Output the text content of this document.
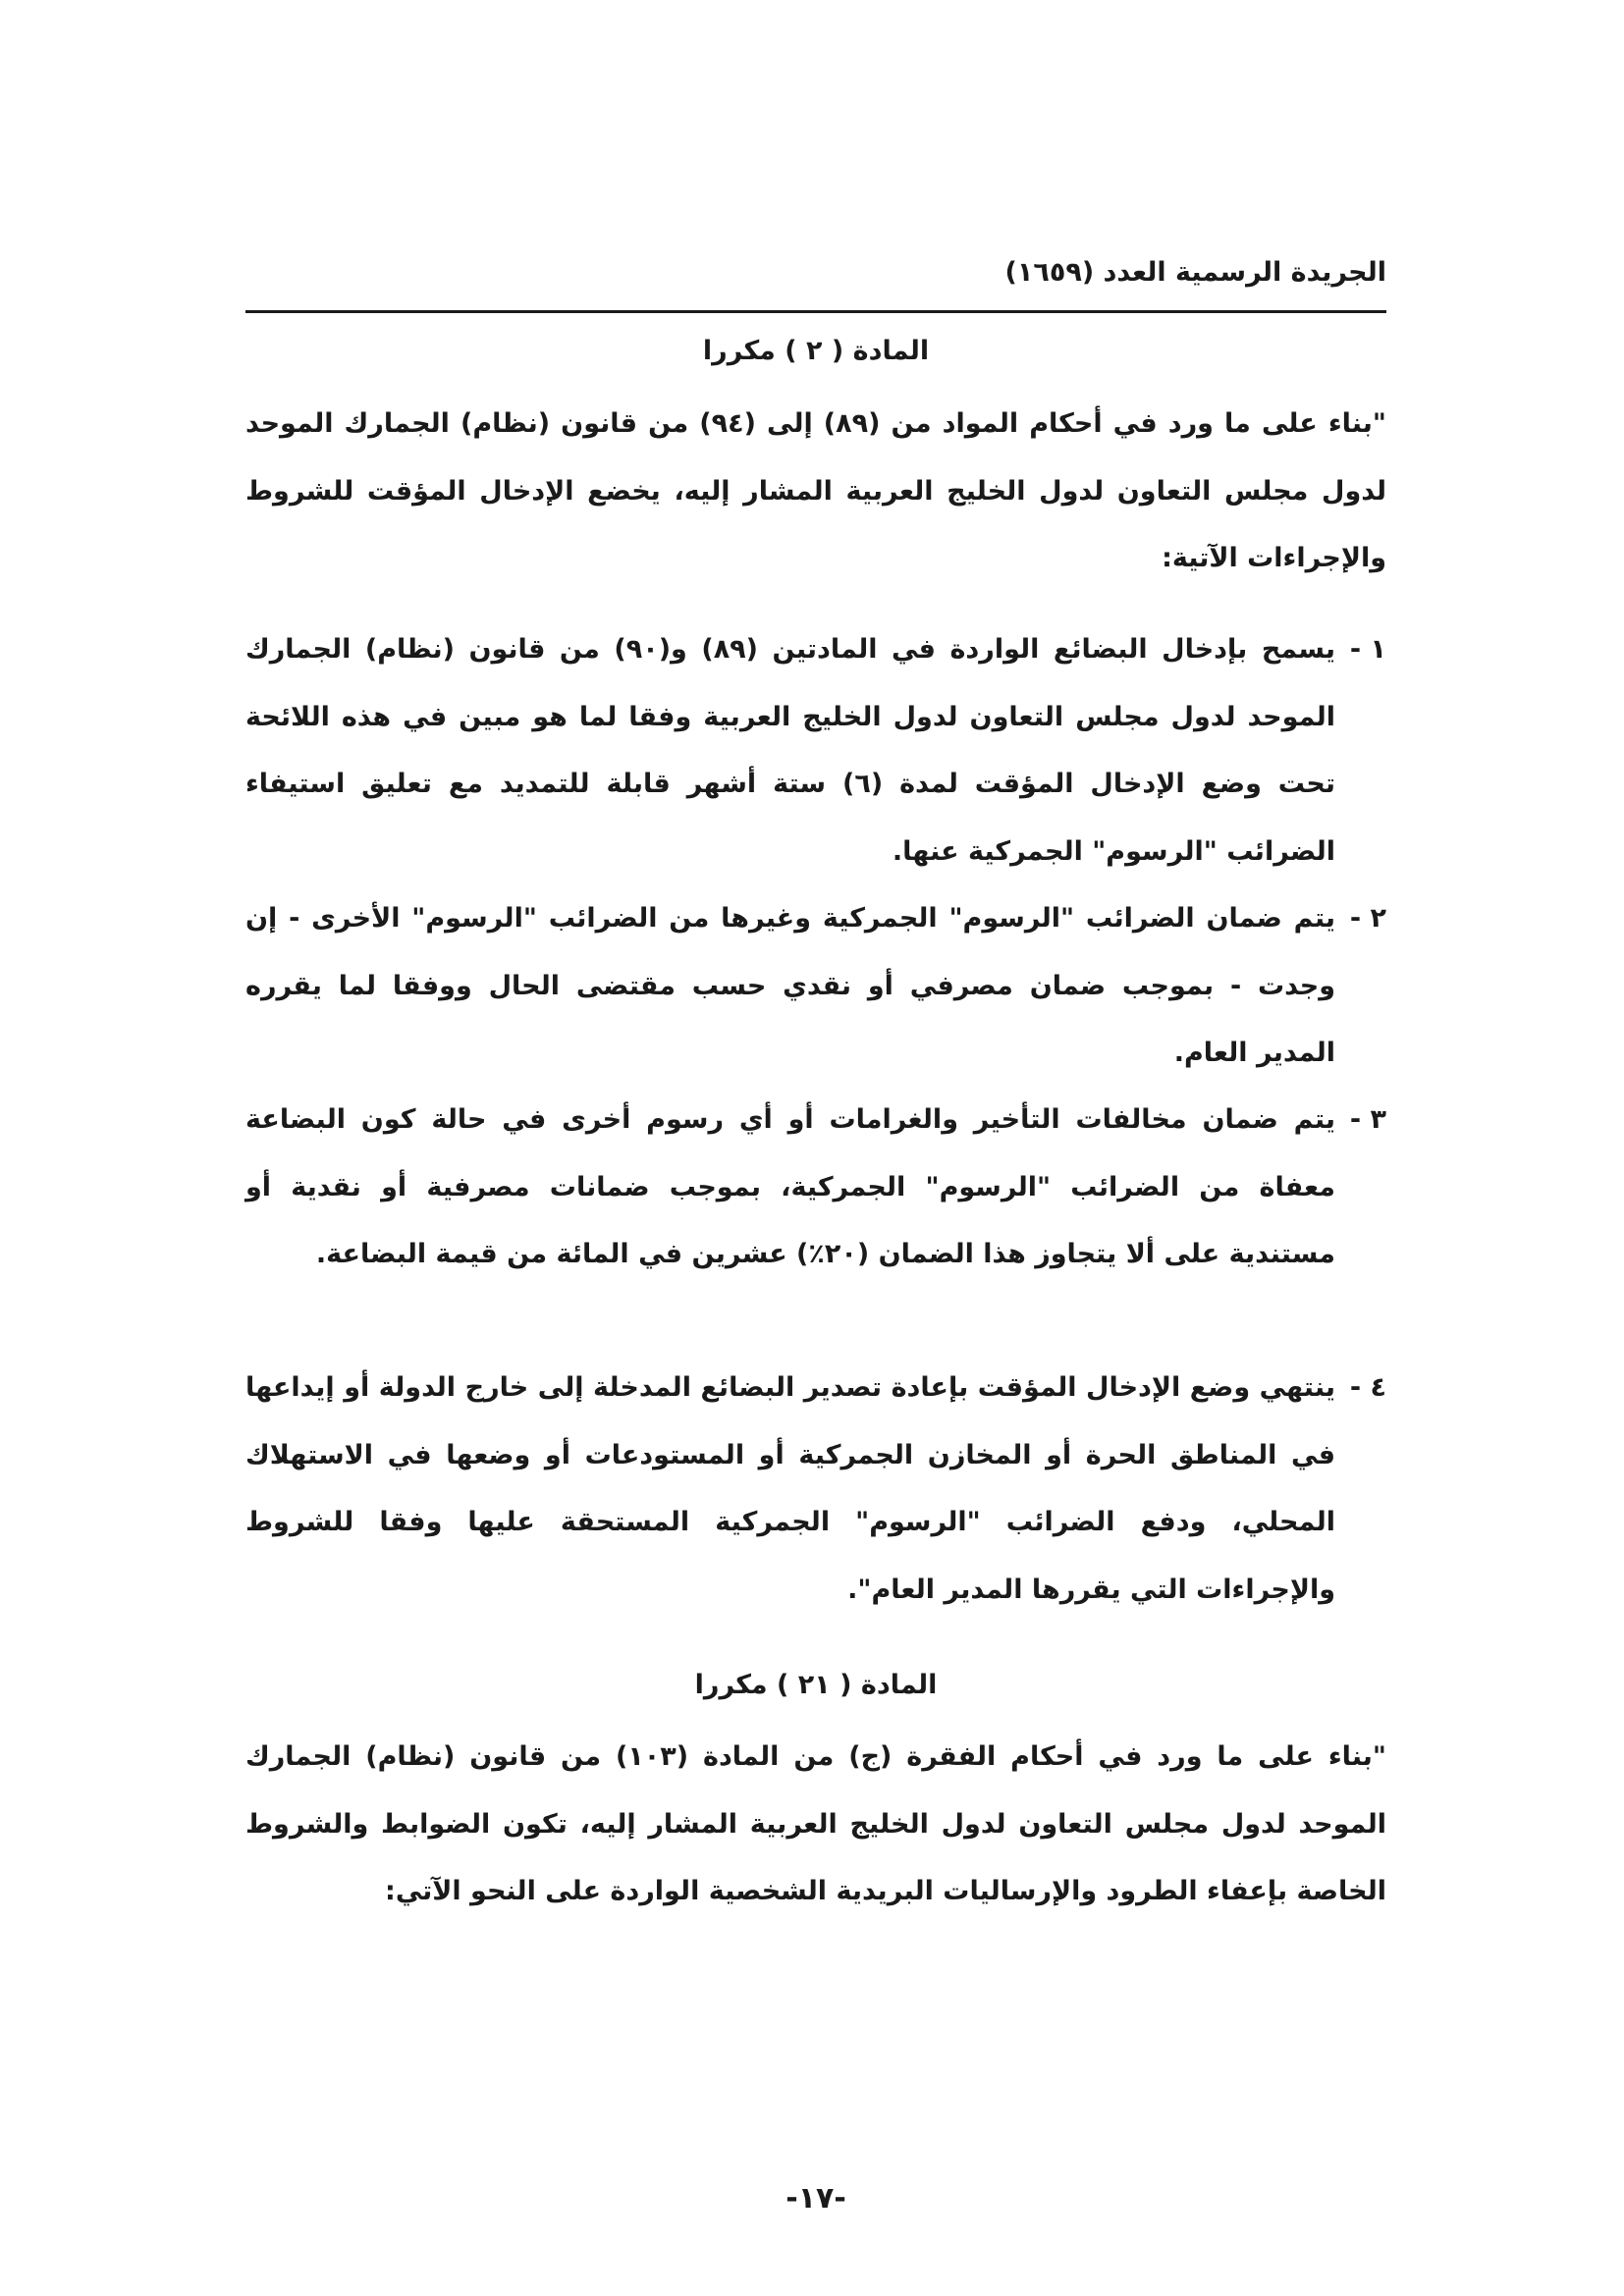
الجريدة الرسمية العدد (١٦٥٩)
المادة ( ٢ ) مكررا
"بناء على ما ورد في أحكام المواد من (٨٩) إلى (٩٤) من قانون (نظام) الجمارك الموحد لدول مجلس التعاون لدول الخليج العربية المشار إليه، يخضع الإدخال المؤقت للشروط والإجراءات الآتية:
١ -
يسمح بإدخال البضائع الواردة في المادتين (٨٩) و(٩٠) من قانون (نظام) الجمارك الموحد لدول مجلس التعاون لدول الخليج العربية وفقا لما هو مبين في هذه اللائحة تحت وضع الإدخال المؤقت لمدة (٦) ستة أشهر قابلة للتمديد مع تعليق استيفاء الضرائب "الرسوم" الجمركية عنها.
٢ -
يتم ضمان الضرائب "الرسوم" الجمركية وغيرها من الضرائب "الرسوم" الأخرى - إن وجدت - بموجب ضمان مصرفي أو نقدي حسب مقتضى الحال ووفقا لما يقرره المدير العام.
٣ -
يتم ضمان مخالفات التأخير والغرامات أو أي رسوم أخرى في حالة كون البضاعة معفاة من الضرائب "الرسوم" الجمركية، بموجب ضمانات مصرفية أو نقدية أو مستندية على ألا يتجاوز هذا الضمان (٢٠٪) عشرين في المائة من قيمة البضاعة.
٤ -
ينتهي وضع الإدخال المؤقت بإعادة تصدير البضائع المدخلة إلى خارج الدولة أو إيداعها في المناطق الحرة أو المخازن الجمركية أو المستودعات أو وضعها في الاستهلاك المحلي، ودفع الضرائب "الرسوم" الجمركية المستحقة عليها وفقا للشروط والإجراءات التي يقررها المدير العام".
المادة ( ٢١ ) مكررا
"بناء على ما ورد في أحكام الفقرة (ج) من المادة (١٠٣) من قانون (نظام) الجمارك الموحد لدول مجلس التعاون لدول الخليج العربية المشار إليه، تكون الضوابط والشروط الخاصة بإعفاء الطرود والإرساليات البريدية الشخصية الواردة على النحو الآتي:
-١٧-
